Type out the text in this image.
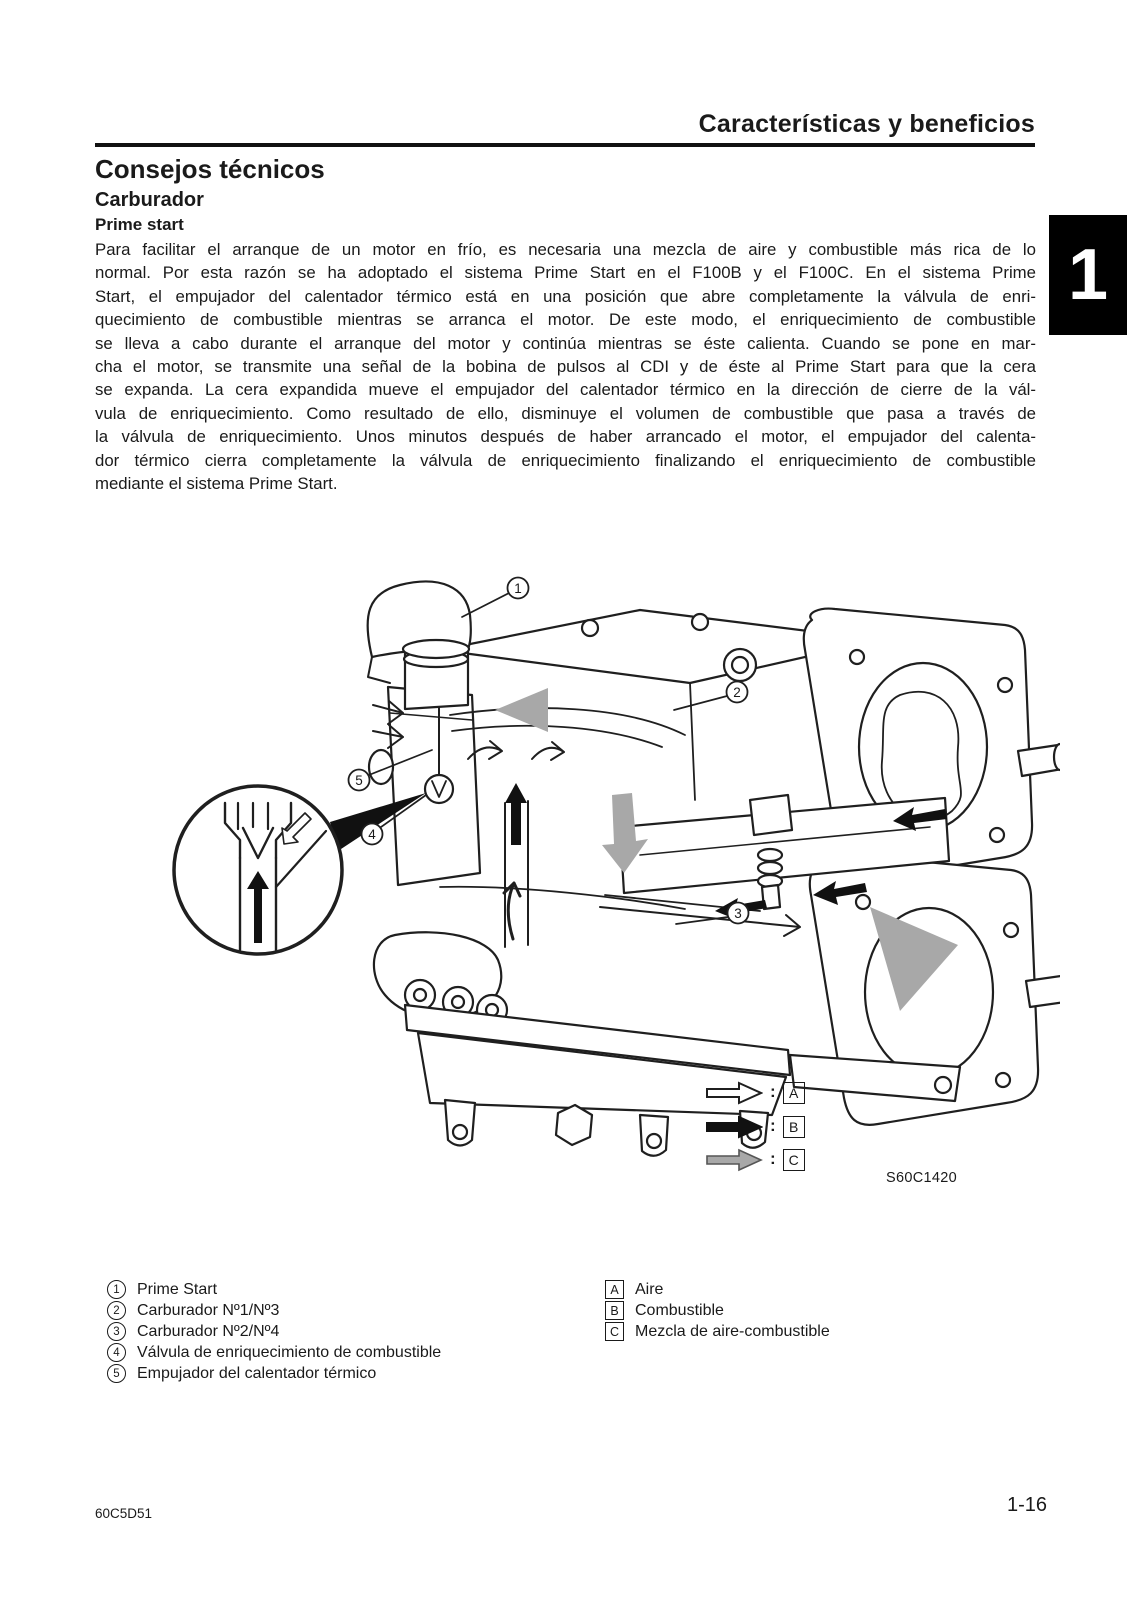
Características y beneficios
1
Consejos técnicos
Carburador
Prime start
Para facilitar el arranque de un motor en frío, es necesaria una mezcla de aire y combustible más rica de lo
normal. Por esta razón se ha adoptado el sistema Prime Start en el F100B y el F100C. En el sistema Prime
Start, el empujador del calentador térmico está en una posición que abre completamente la válvula de enri-
quecimiento de combustible mientras se arranca el motor. De este modo, el enriquecimiento de combustible
se lleva a cabo durante el arranque del motor y continúa mientras se éste calienta. Cuando se pone en mar-
cha el motor, se transmite una señal de la bobina de pulsos al CDI y de éste al Prime Start para que la cera
se expanda. La cera expandida mueve el empujador del calentador térmico en la dirección de cierre de la vál-
vula de enriquecimiento. Como resultado de ello, disminuye el volumen de combustible que pasa a través de
la válvula de enriquecimiento. Unos minutos después de haber arrancado el motor, el empujador del calenta-
dor térmico cierra completamente la válvula de enriquecimiento finalizando el enriquecimiento de combustible
mediante el sistema Prime Start.
1
2
3
4
5
: A
: B
: C
S60C1420
1	Prime Start
2	Carburador Nº1/Nº3
3	Carburador Nº2/Nº4
4	Válvula de enriquecimiento de combustible
5	Empujador del calentador térmico
A	Aire
B	Combustible
C Mezcla de aire-combustible
60C5D51	1-16
